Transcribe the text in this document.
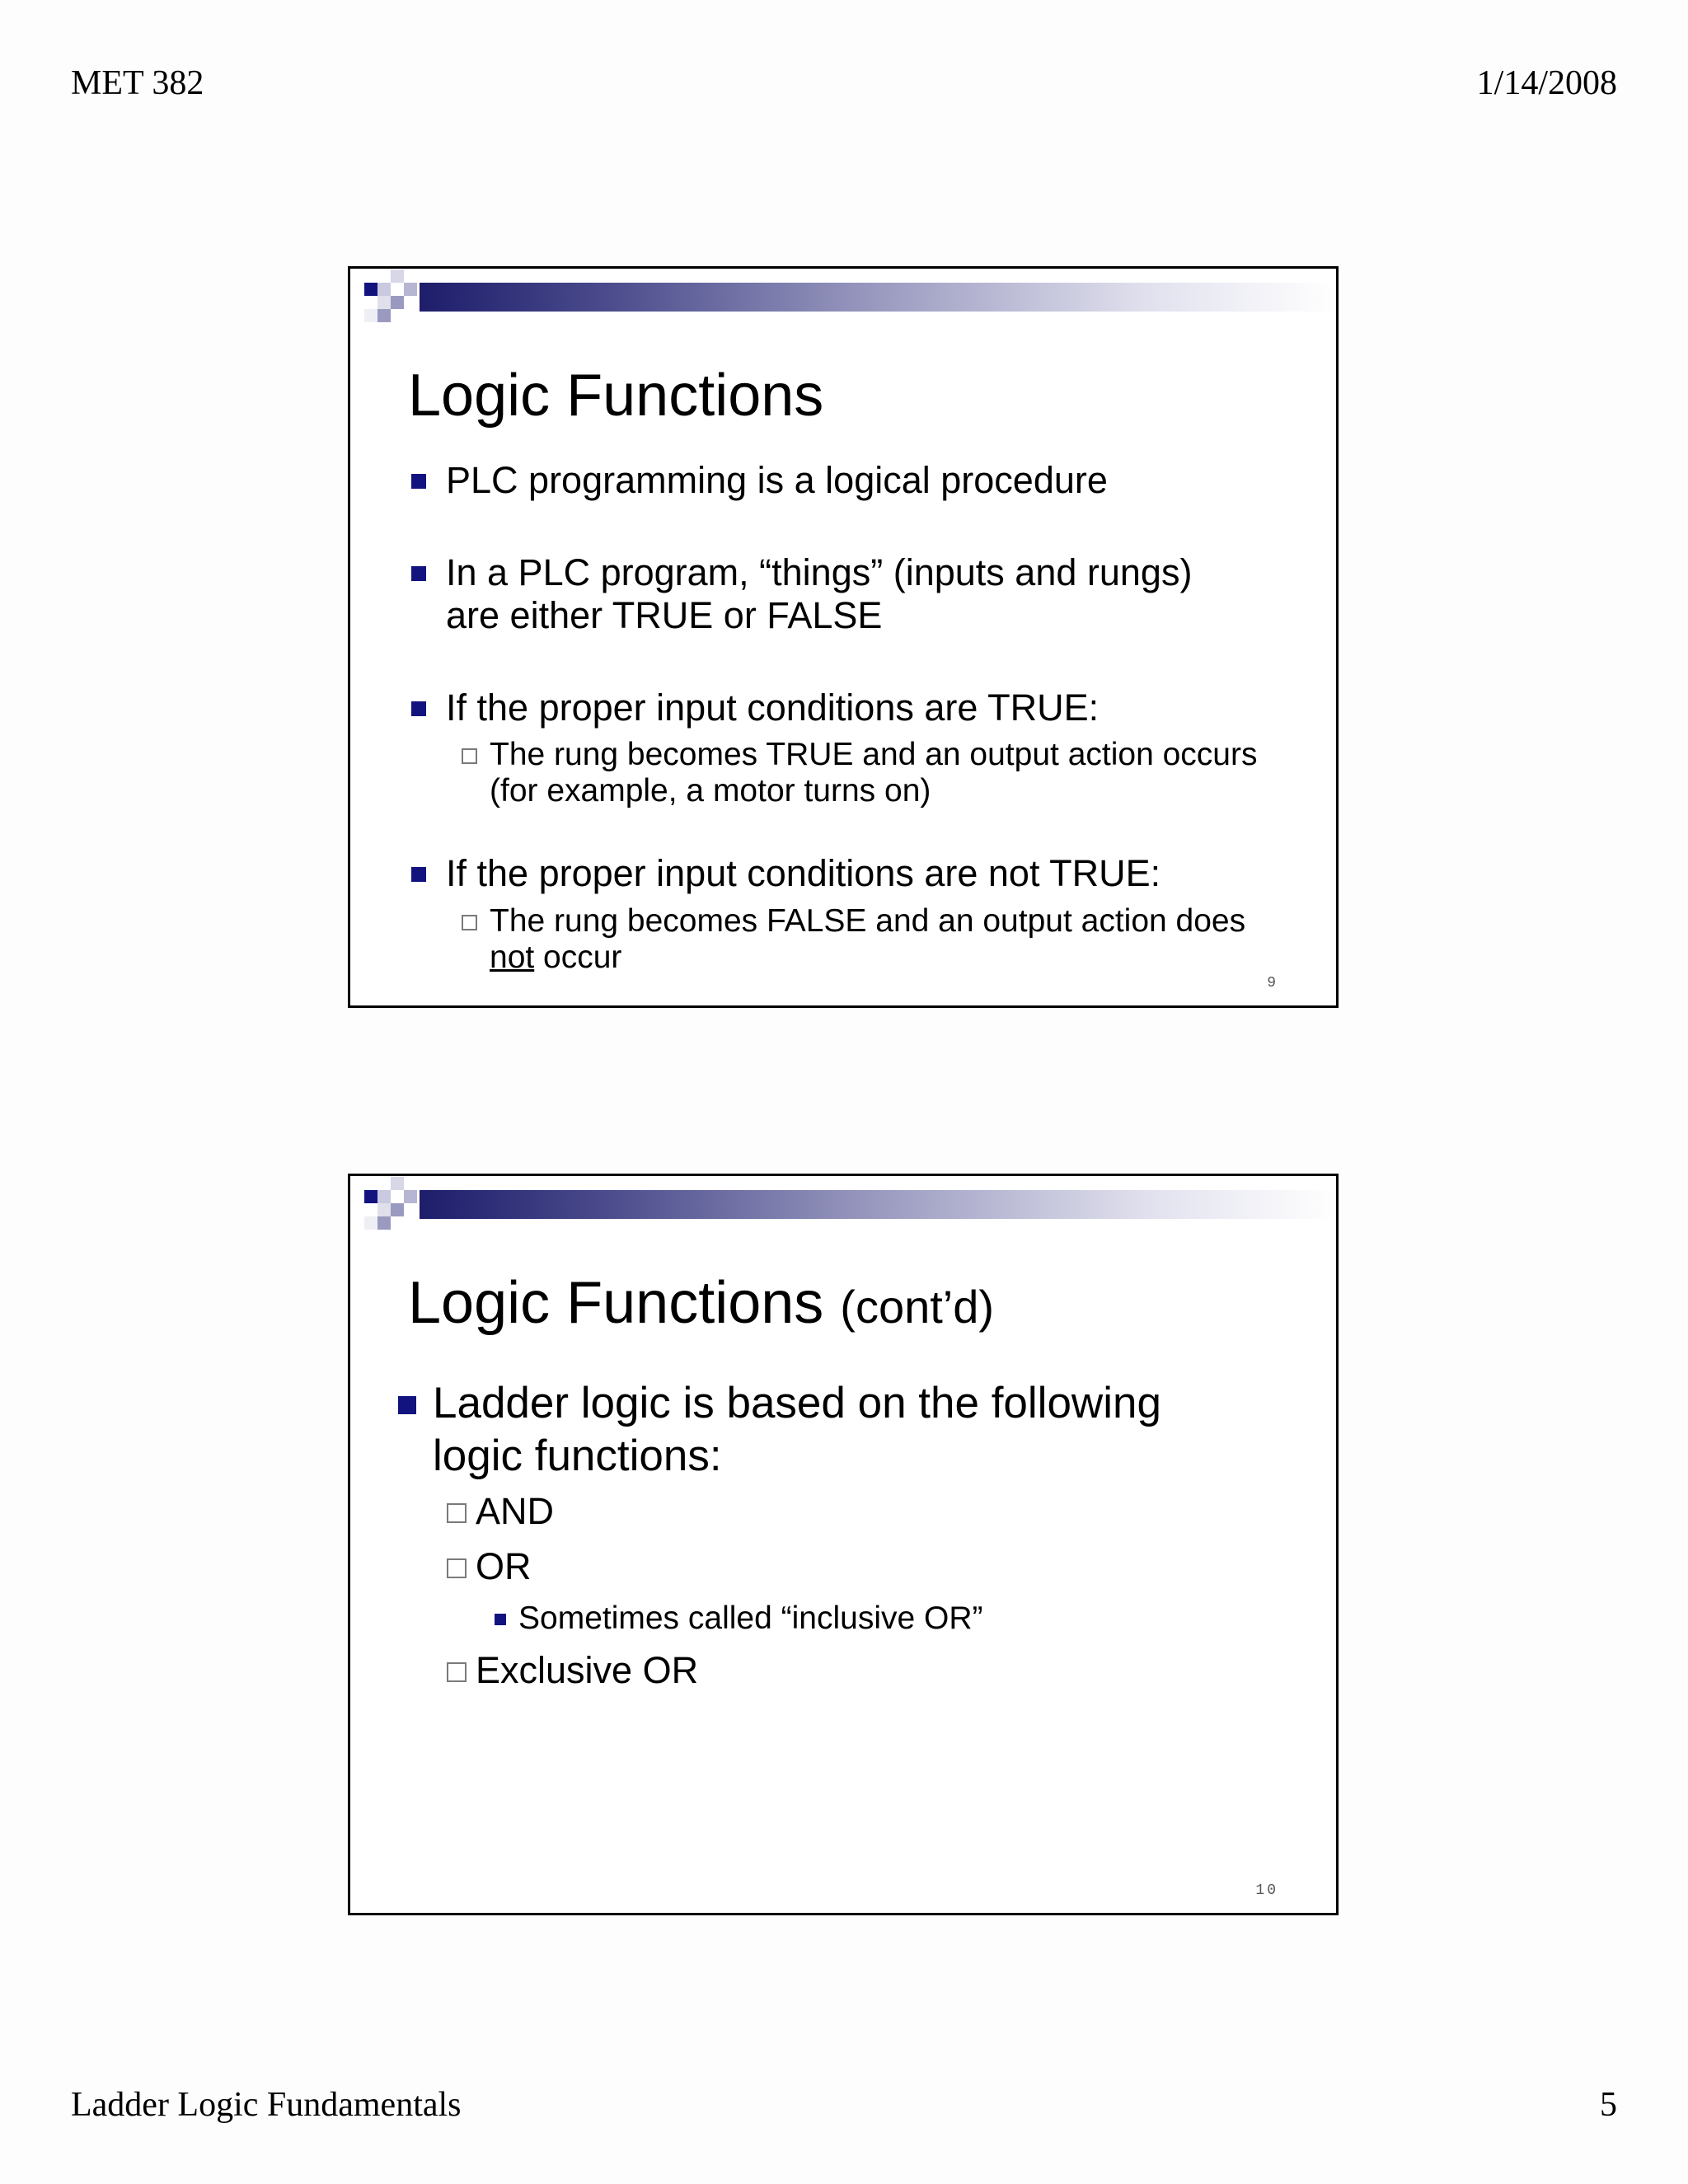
MET 382	1/14/2008
Logic Functions
PLC programming is a logical procedure
In a PLC program, “things” (inputs and rungs)
are either TRUE or FALSE
If the proper input conditions are TRUE:
The rung becomes TRUE and an output action occurs
(for example, a motor turns on)
If the proper input conditions are not TRUE:
The rung becomes FALSE and an output action does
not occur
9
Logic Functions (cont’d)
Ladder logic is based on the following
logic functions:
AND
OR
Sometimes called “inclusive OR”
Exclusive OR
10
Ladder Logic Fundamentals	5
